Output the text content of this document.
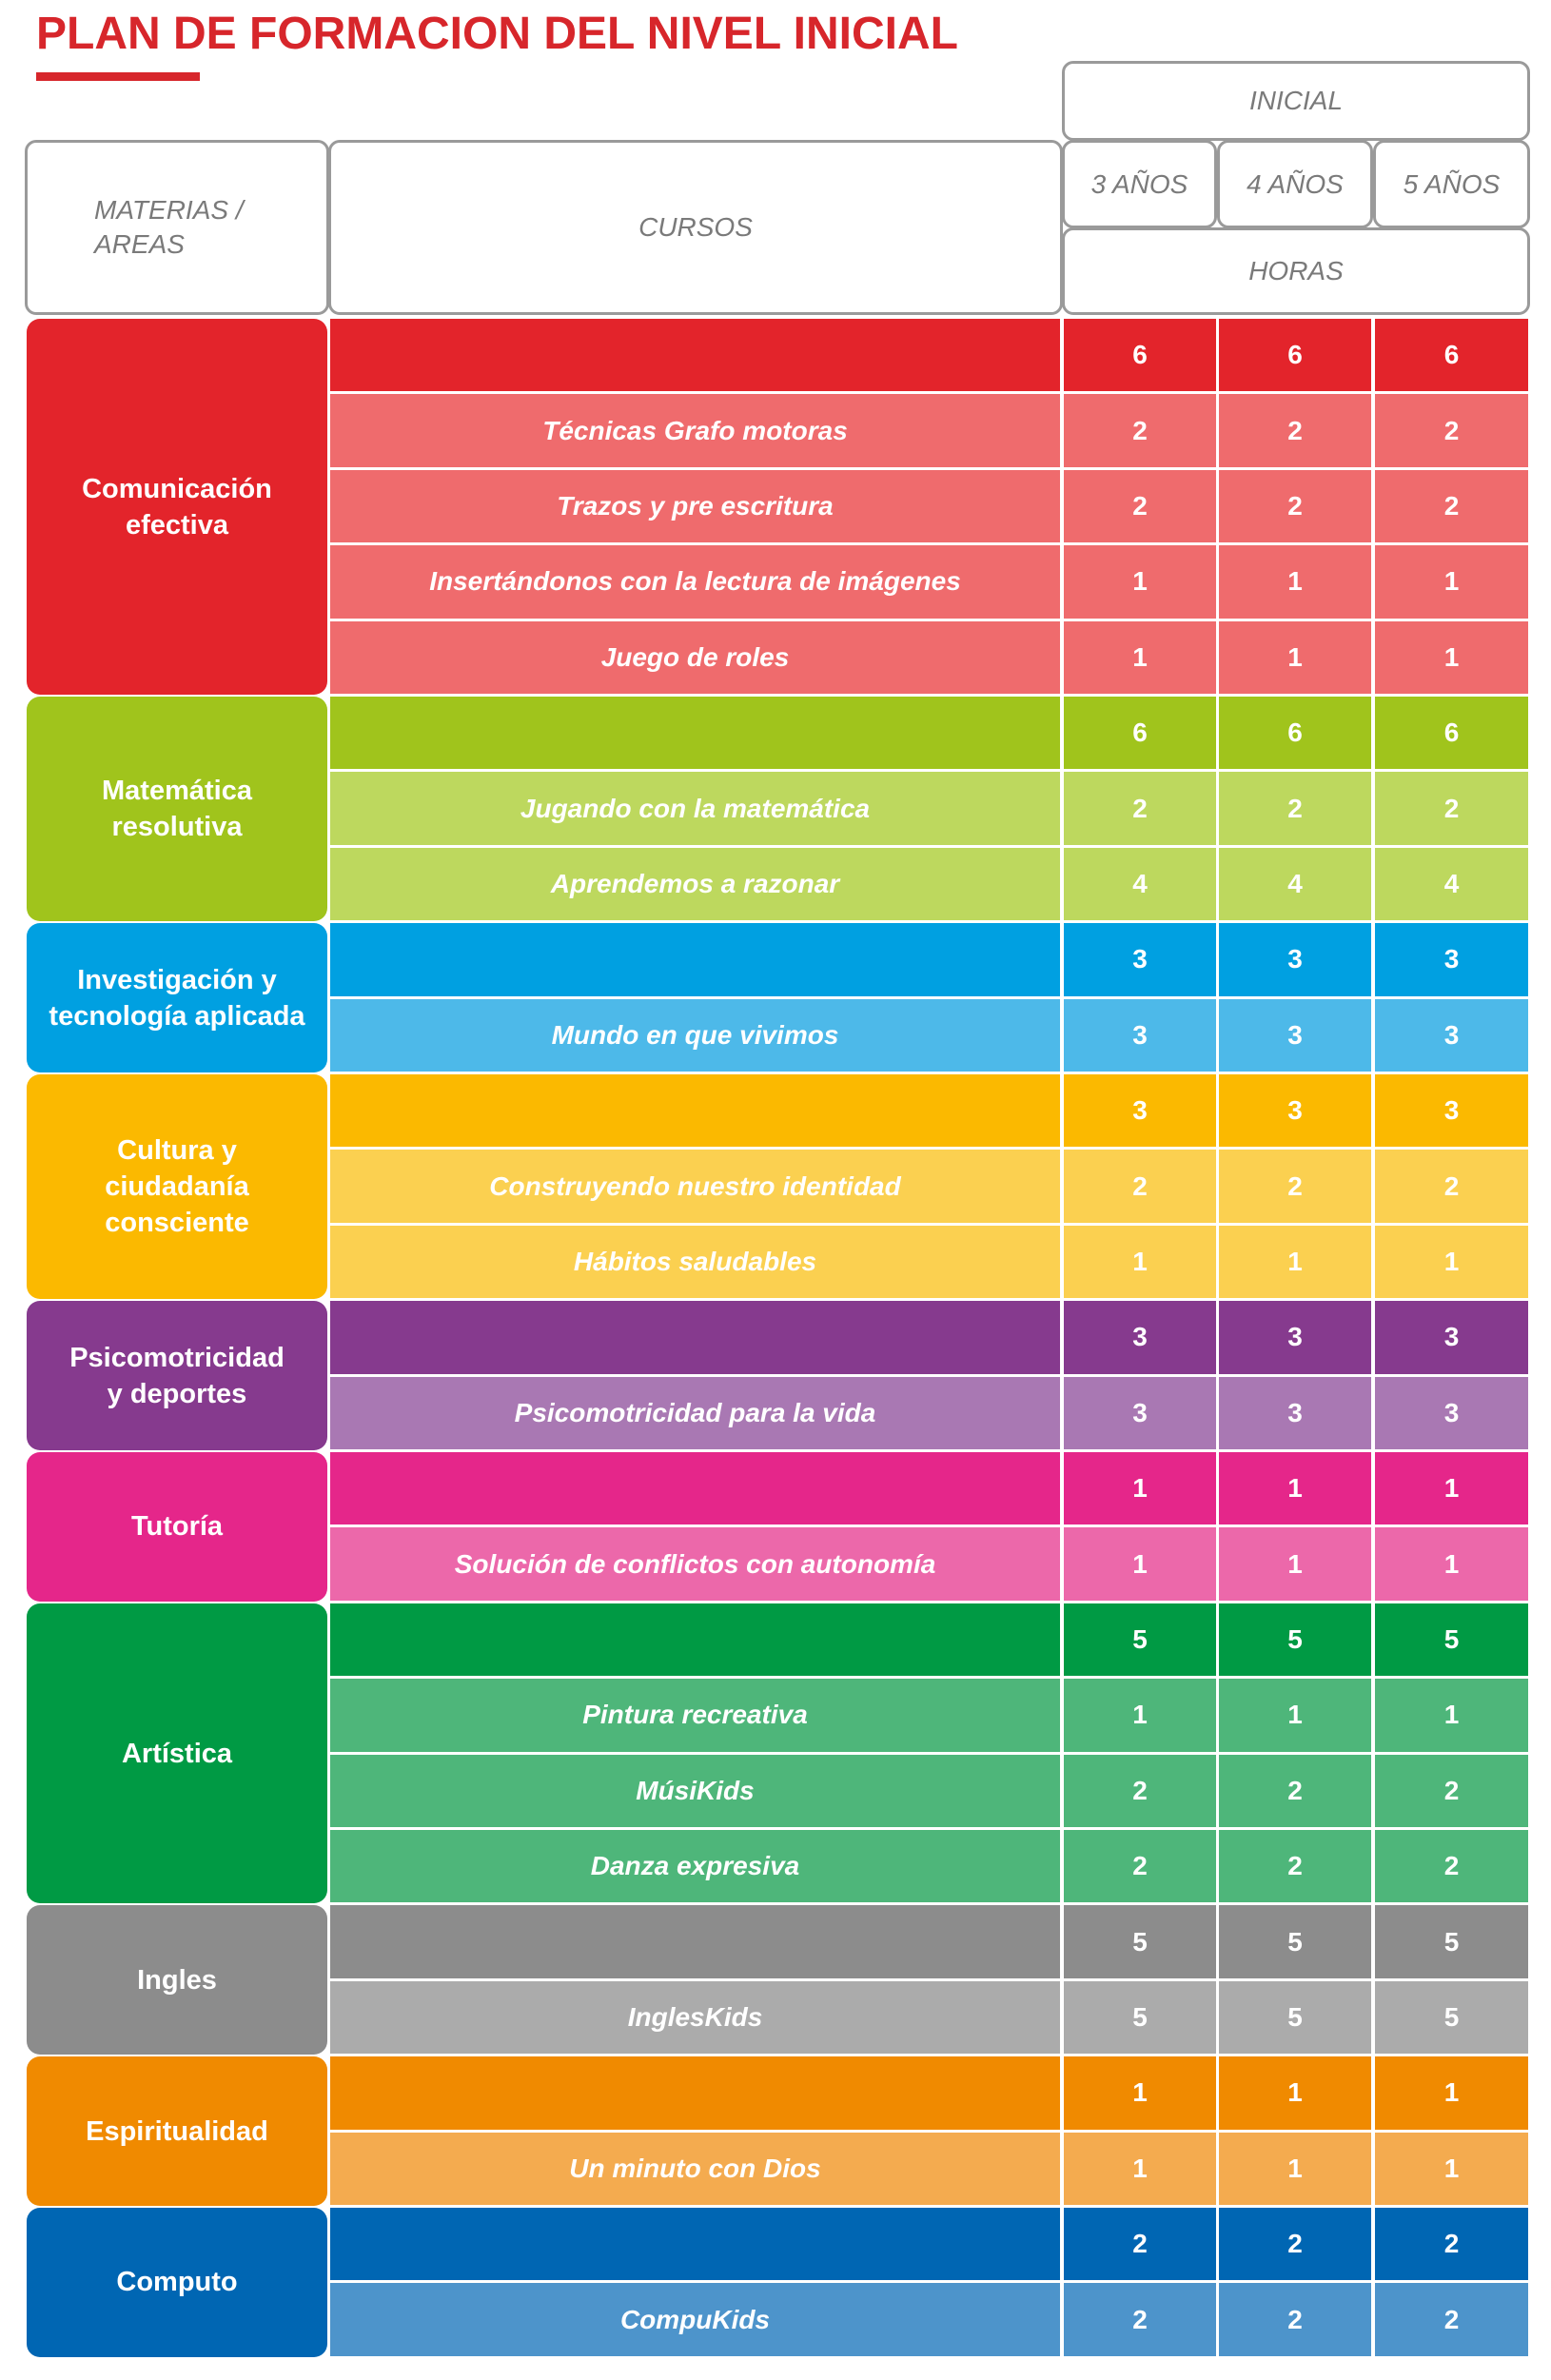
PLAN DE FORMACION DEL NIVEL INICIAL
INICIAL
MATERIAS /
AREAS
CURSOS
3 AÑOS	4 AÑOS	5 AÑOS
HORAS
Comunicación
efectiva
6	6	6
Técnicas Grafo motoras	2	2	2
Trazos y pre escritura	2	2	2
Insertándonos con la lectura de imágenes	1	1	1
Juego de roles	1	1	1
Matemática
resolutiva
6	6	6
Jugando con la matemática	2	2	2
Aprendemos a razonar	4	4	4
Investigación y
tecnología aplicada
3	3	3
Mundo en que vivimos	3	3	3
Cultura y
ciudadanía
consciente
3	3	3
Construyendo nuestro identidad	2	2	2
Hábitos saludables	1	1	1
Psicomotricidad
y deportes
3	3	3
Psicomotricidad para la vida	3	3	3
Tutoría
1	1	1
Solución de conflictos con autonomía	1	1	1
Artística
5	5	5
Pintura recreativa	1	1	1
MúsiKids	2	2	2
Danza expresiva	2	2	2
Ingles
5	5	5
InglesKids	5	5	5
Espiritualidad
1	1	1
Un minuto con Dios	1	1	1
Computo
2	2	2
CompuKids	2	2	2
